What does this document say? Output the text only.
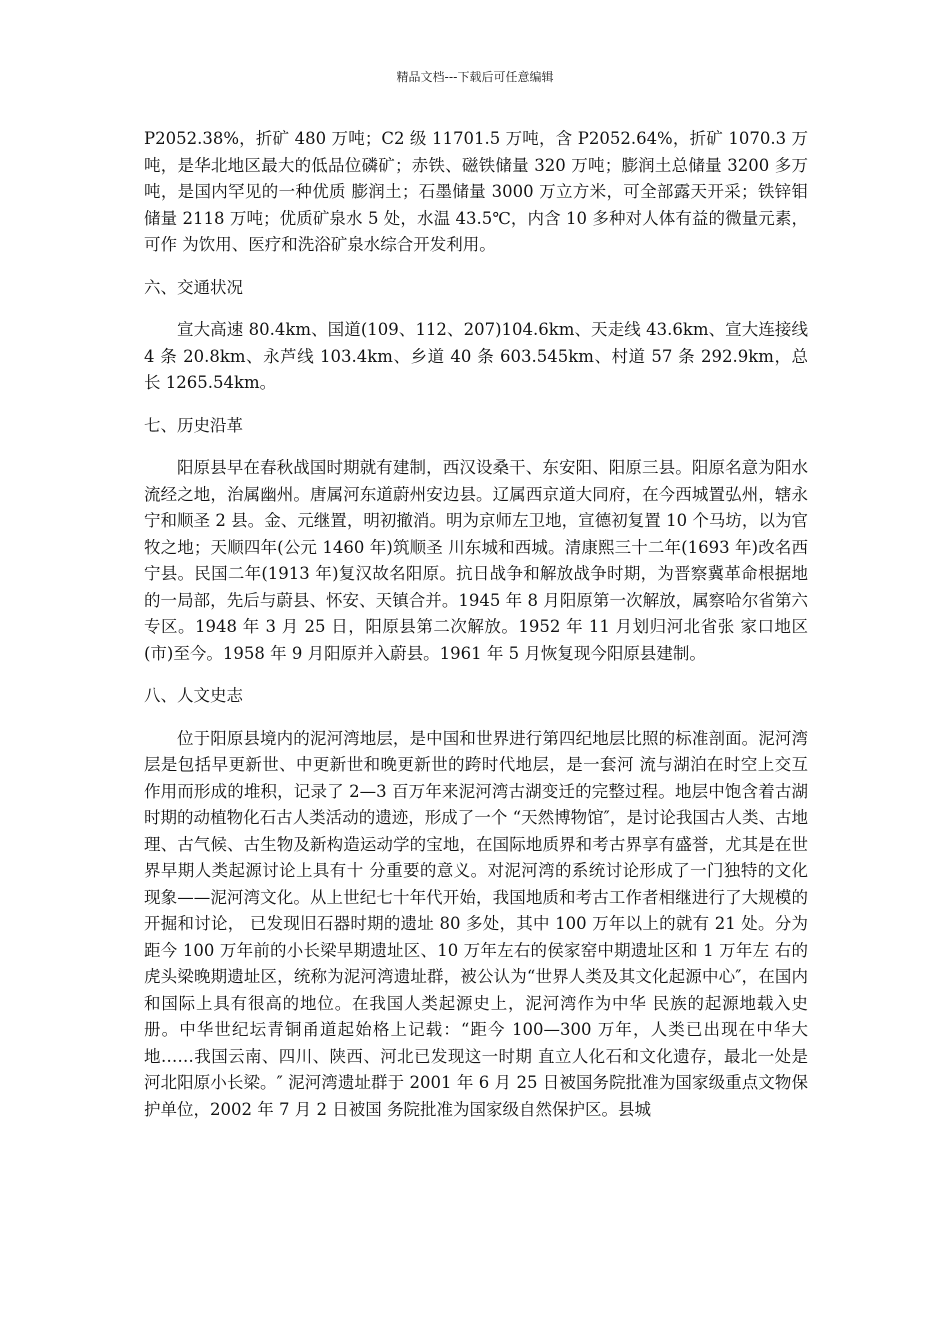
精品文档---下载后可任意编辑

P2052.38%，折矿 480 万吨；C2 级 11701.5 万吨，含 P2052.64%，折矿 1070.3 万吨，是华北地区最大的低品位磷矿；赤铁、磁铁储量 320 万吨；膨润土总储量 3200 多万吨，是国内罕见的一种优质 膨润土；石墨储量 3000 万立方米，可全部露天开采；铁锌钼储量 2118 万吨；优质矿泉水 5 处，水温 43.5℃，内含 10 多种对人体有益的微量元素，可作 为饮用、医疗和洗浴矿泉水综合开发利用。

六、交通状况

宣大高速 80.4km、国道(109、112、207)104.6km、天走线 43.6km、宣大连接线 4 条 20.8km、永芦线 103.4km、乡道 40 条 603.545km、村道 57 条 292.9km，总长 1265.54km。

七、历史沿革

阳原县早在春秋战国时期就有建制，西汉设桑干、东安阳、阳原三县。阳原名意为阳水流经之地，治属幽州。唐属河东道蔚州安边县。辽属西京道大同府，在今西城置弘州，辖永宁和顺圣 2 县。金、元继置，明初撤消。明为京师左卫地，宣德初复置 10 个马坊，以为官牧之地；天顺四年(公元 1460 年)筑顺圣 川东城和西城。清康熙三十二年(1693 年)改名西宁县。民国二年(1913 年)复汉故名阳原。抗日战争和解放战争时期，为晋察冀革命根据地的一局部，先后与蔚县、怀安、天镇合并。1945 年 8 月阳原第一次解放，属察哈尔省第六专区。1948 年 3 月 25 日，阳原县第二次解放。1952 年 11 月划归河北省张 家口地区(市)至今。1958 年 9 月阳原并入蔚县。1961 年 5 月恢复现今阳原县建制。

八、人文史志

位于阳原县境内的泥河湾地层，是中国和世界进行第四纪地层比照的标准剖面。泥河湾层是包括早更新世、中更新世和晚更新世的跨时代地层，是一套河 流与湖泊在时空上交互作用而形成的堆积，记录了 2—3 百万年来泥河湾古湖变迁的完整过程。地层中饱含着古湖时期的动植物化石古人类活动的遗迹，形成了一个 “天然博物馆″，是讨论我国古人类、古地理、古气候、古生物及新构造运动学的宝地，在国际地质界和考古界享有盛誉，尤其是在世界早期人类起源讨论上具有十 分重要的意义。对泥河湾的系统讨论形成了一门独特的文化现象——泥河湾文化。从上世纪七十年代开始，我国地质和考古工作者相继进行了大规模的开掘和讨论， 已发现旧石器时期的遗址 80 多处，其中 100 万年以上的就有 21 处。分为距今 100 万年前的小长梁早期遗址区、10 万年左右的侯家窑中期遗址区和 1 万年左 右的虎头梁晚期遗址区，统称为泥河湾遗址群，被公认为“世界人类及其文化起源中心″，在国内和国际上具有很高的地位。在我国人类起源史上，泥河湾作为中华 民族的起源地载入史册。中华世纪坛青铜甬道起始格上记载：“距今 100—300 万年，人类已出现在中华大地……我国云南、四川、陕西、河北已发现这一时期 直立人化石和文化遗存，最北一处是河北阳原小长梁。″ 泥河湾遗址群于 2001 年 6 月 25 日被国务院批准为国家级重点文物保护单位，2002 年 7 月 2 日被国 务院批准为国家级自然保护区。县城
